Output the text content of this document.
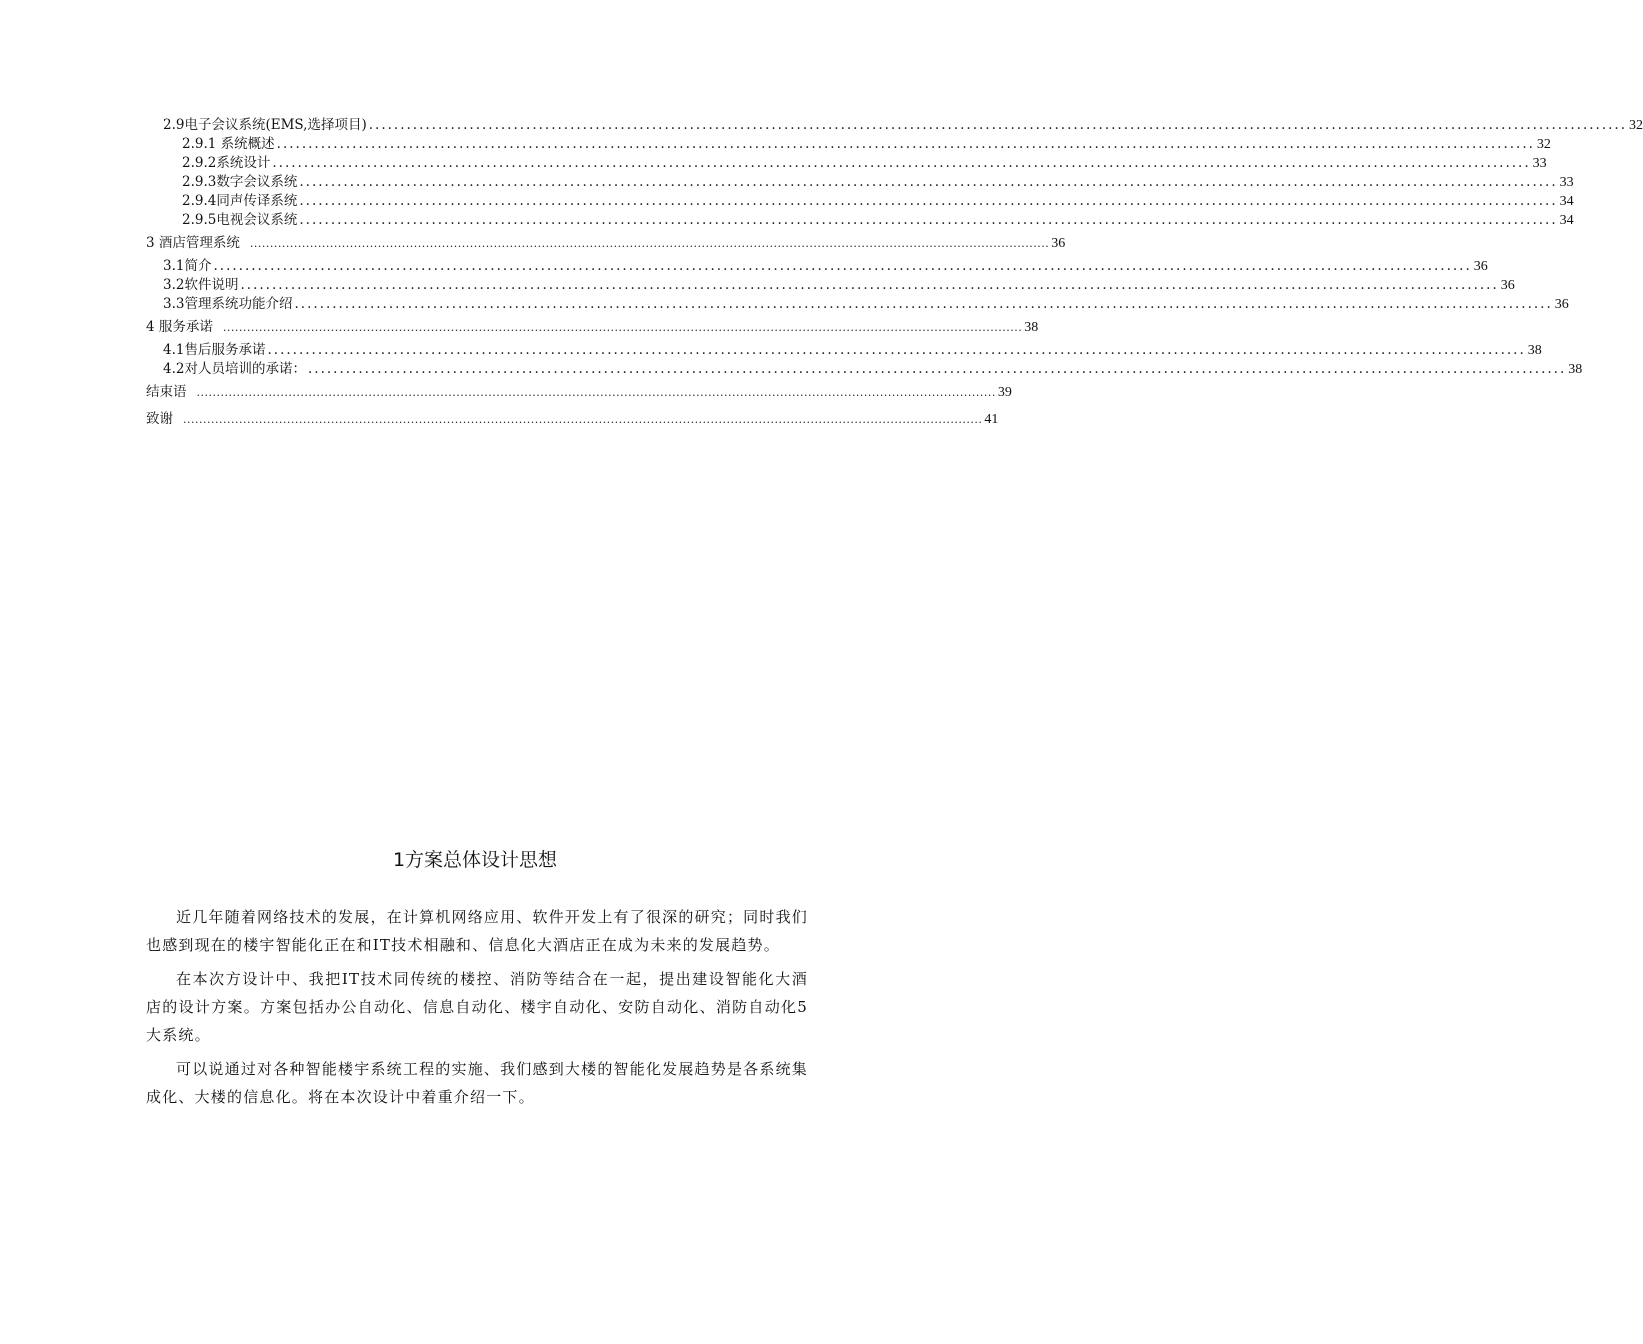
2.9电子会议系统(EMS,选择项目) ........................................................................................................................................................................................................ 32
2.9.1 系统概述 ........................................................................................................................................................................................................ 32
2.9.2系统设计 ........................................................................................................................................................................................................ 33
2.9.3数字会议系统 ........................................................................................................................................................................................................ 33
2.9.4同声传译系统 ........................................................................................................................................................................................................ 34
2.9.5电视会议系统 ........................................................................................................................................................................................................ 34
3 酒店管理系统 ........................................................................................................................................................................................................ 36
3.1简介 ........................................................................................................................................................................................................ 36
3.2软件说明 ........................................................................................................................................................................................................ 36
3.3管理系统功能介绍 ........................................................................................................................................................................................................ 36
4 服务承诺 ........................................................................................................................................................................................................ 38
4.1售后服务承诺 ........................................................................................................................................................................................................ 38
4.2对人员培训的承诺： ........................................................................................................................................................................................................ 38
结束语 ........................................................................................................................................................................................................ 39
致谢 ........................................................................................................................................................................................................ 41
1方案总体设计思想

近几年随着网络技术的发展，在计算机网络应用、软件开发上有了很深的研究；同时我们也感到现在的楼宇智能化正在和IT技术相融和、信息化大酒店正在成为未来的发展趋势。

在本次方设计中、我把IT技术同传统的楼控、消防等结合在一起，提出建设智能化大酒店的设计方案。方案包括办公自动化、信息自动化、楼宇自动化、安防自动化、消防自动化5大系统。

可以说通过对各种智能楼宇系统工程的实施、我们感到大楼的智能化发展趋势是各系统集成化、大楼的信息化。将在本次设计中着重介绍一下。
